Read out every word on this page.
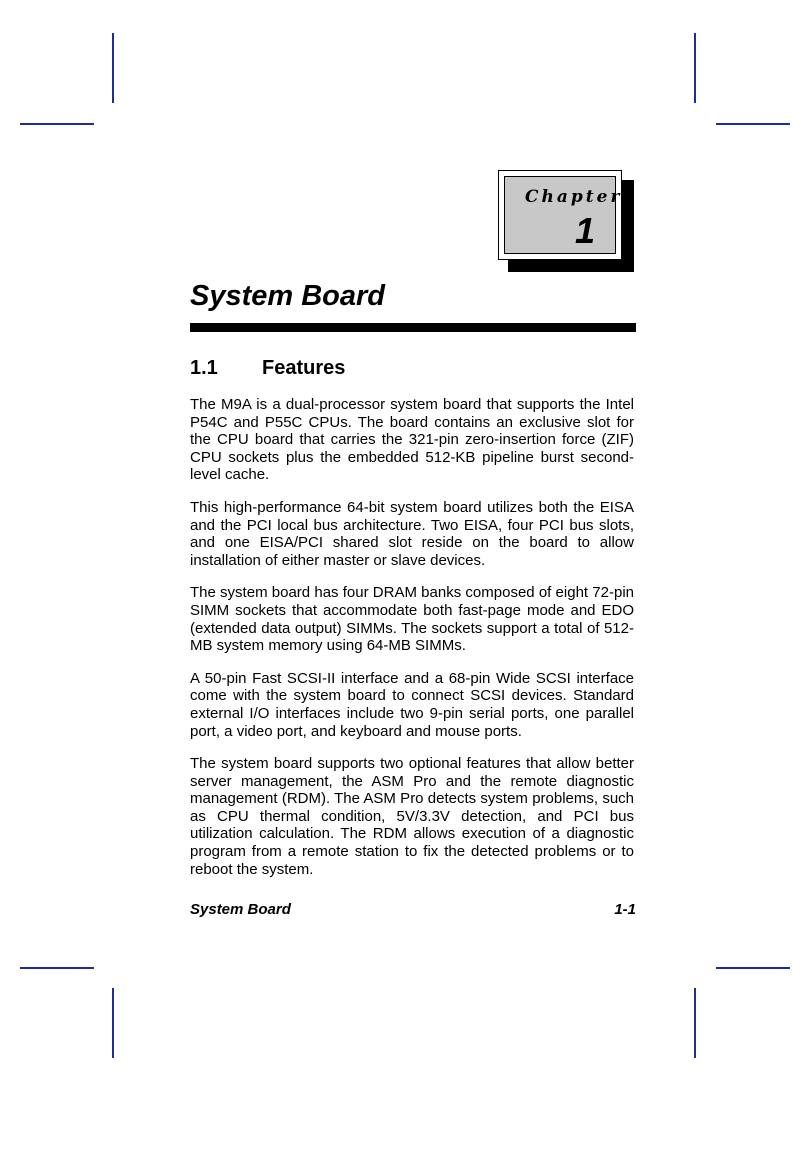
Chapter
1
System Board
1.1 Features

The M9A is a dual-processor system board that supports the Intel P54C and P55C CPUs. The board contains an exclusive slot for the CPU board that carries the 321-pin zero-insertion force (ZIF) CPU sockets plus the embedded 512-KB pipeline burst second-level cache.

This high-performance 64-bit system board utilizes both the EISA and the PCI local bus architecture. Two EISA, four PCI bus slots, and one EISA/PCI shared slot reside on the board to allow installation of either master or slave devices.

The system board has four DRAM banks composed of eight 72-pin SIMM sockets that accommodate both fast-page mode and EDO (extended data output) SIMMs. The sockets support a total of 512-MB system memory using 64-MB SIMMs.

A 50-pin Fast SCSI-II interface and a 68-pin Wide SCSI interface come with the system board to connect SCSI devices. Standard external I/O interfaces include two 9-pin serial ports, one parallel port, a video port, and keyboard and mouse ports.

The system board supports two optional features that allow better server management, the ASM Pro and the remote diagnostic management (RDM). The ASM Pro detects system problems, such as CPU thermal condition, 5V/3.3V detection, and PCI bus utilization calculation. The RDM allows execution of a diagnostic program from a remote station to fix the detected problems or to reboot the system.

System Board	1-1
